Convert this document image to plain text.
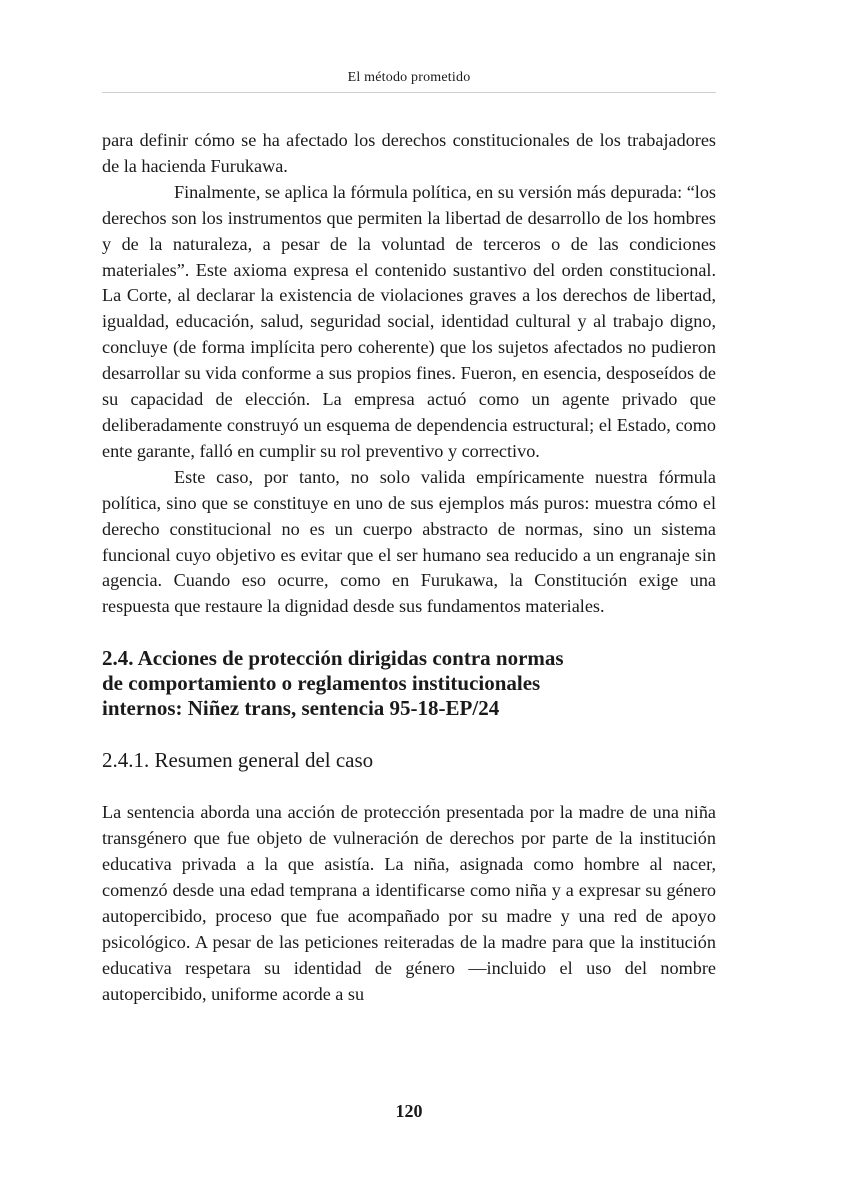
El método prometido

para definir cómo se ha afectado los derechos constitucionales de los trabajadores de la hacienda Furukawa.

Finalmente, se aplica la fórmula política, en su versión más depurada: “los derechos son los instrumentos que permiten la libertad de desarrollo de los hombres y de la naturaleza, a pesar de la voluntad de terceros o de las condiciones materiales”. Este axioma expresa el contenido sustantivo del orden constitucional. La Corte, al declarar la existencia de violaciones graves a los derechos de libertad, igualdad, educación, salud, seguridad social, identidad cultural y al trabajo digno, concluye (de forma implícita pero coherente) que los sujetos afectados no pudieron desarrollar su vida conforme a sus propios fines. Fueron, en esencia, desposeídos de su capacidad de elección. La empresa actuó como un agente privado que deliberadamente construyó un esquema de dependencia estructural; el Estado, como ente garante, falló en cumplir su rol preventivo y correctivo.

Este caso, por tanto, no solo valida empíricamente nuestra fórmula política, sino que se constituye en uno de sus ejemplos más puros: muestra cómo el derecho constitucional no es un cuerpo abstracto de normas, sino un sistema funcional cuyo objetivo es evitar que el ser humano sea reducido a un engranaje sin agencia. Cuando eso ocurre, como en Furukawa, la Constitución exige una respuesta que restaure la dignidad desde sus fundamentos materiales.

2.4. Acciones de protección dirigidas contra normas
de comportamiento o reglamentos institucionales
internos: Niñez trans, sentencia 95-18-EP/24
2.4.1. Resumen general del caso

La sentencia aborda una acción de protección presentada por la madre de una niña transgénero que fue objeto de vulneración de derechos por parte de la institución educativa privada a la que asistía. La niña, asignada como hombre al nacer, comenzó desde una edad temprana a identificarse como niña y a expresar su género autopercibido, proceso que fue acompañado por su madre y una red de apoyo psicológico. A pesar de las peticiones reiteradas de la madre para que la institución educativa respetara su identidad de género —incluido el uso del nombre autopercibido, uniforme acorde a su

120
